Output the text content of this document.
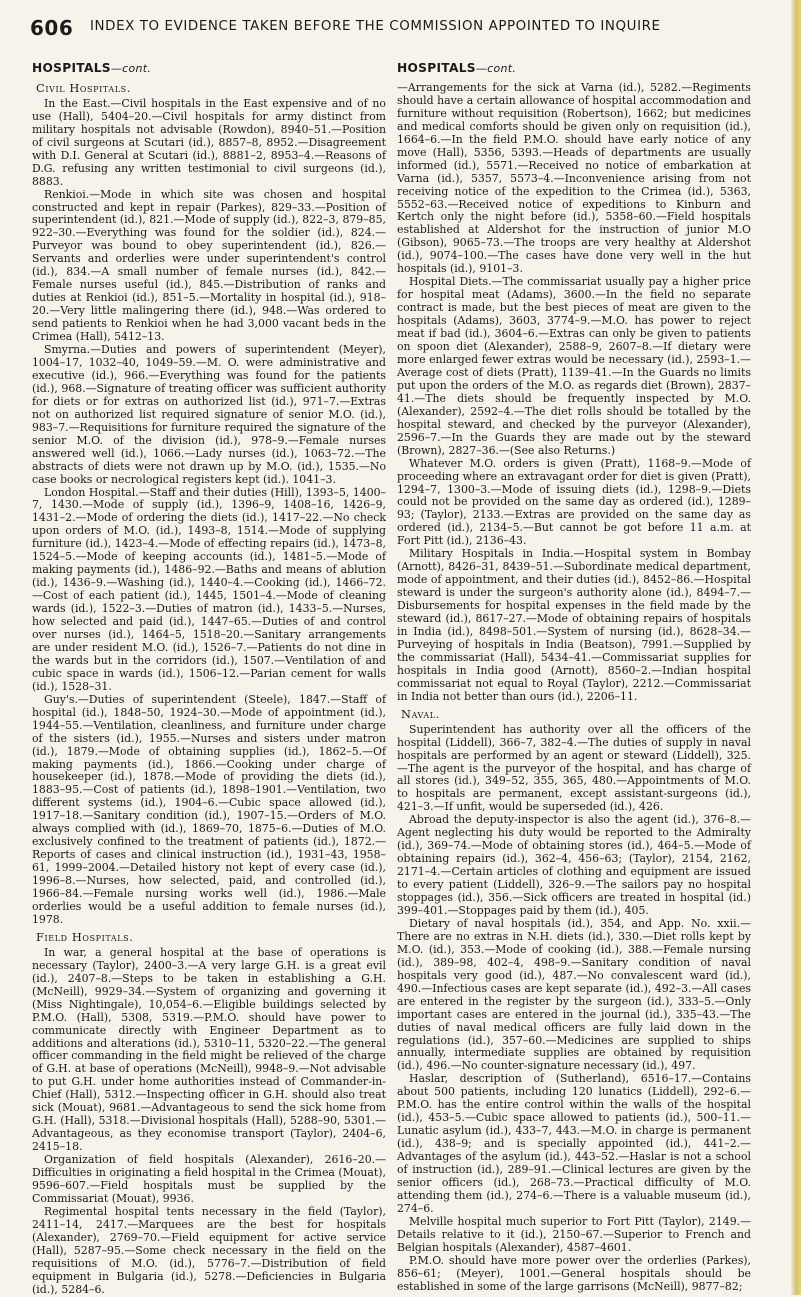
606 INDEX TO EVIDENCE TAKEN BEFORE THE COMMISSION APPOINTED TO INQUIRE
HOSPITALS—cont.
Civil Hospitals.

In the East.—Civil hospitals in the East expensive and of no use (Hall), 5404–20.—Civil hospitals for army distinct from military hospitals not advisable (Rowdon), 8940–51.—Position of civil surgeons at Scutari (id.), 8857–8, 8952.—Disagreement with D.I. General at Scutari (id.), 8881–2, 8953–4.—Reasons of D.G. refusing any written testimonial to civil surgeons (id.), 8883.

Renkioi.—Mode in which site was chosen and hospital constructed and kept in repair (Parkes), 829–33.—Position of superintendent (id.), 821.—Mode of supply (id.), 822–3, 879–85, 922–30.—Everything was found for the soldier (id.), 824.—Purveyor was bound to obey superintendent (id.), 826.—Servants and orderlies were under superintendent's control (id.), 834.—A small number of female nurses (id.), 842.—Female nurses useful (id.), 845.—Distribution of ranks and duties at Renkioi (id.), 851–5.—Mortality in hospital (id.), 918–20.—Very little malingering there (id.), 948.—Was ordered to send patients to Renkioi when he had 3,000 vacant beds in the Crimea (Hall), 5412–13.

Smyrna.—Duties and powers of superintendent (Meyer), 1004–17, 1032–40, 1049–59.—M. O. were administrative and executive (id.), 966.—Everything was found for the patients (id.), 968.—Signature of treating officer was sufficient authority for diets or for extras on authorized list (id.), 971–7.—Extras not on authorized list required signature of senior M.O. (id.), 983–7.—Requisitions for furniture required the signature of the senior M.O. of the division (id.), 978–9.—Female nurses answered well (id.), 1066.—Lady nurses (id.), 1063–72.—The abstracts of diets were not drawn up by M.O. (id.), 1535.—No case books or necrological registers kept (id.). 1041–3.

London Hospital.—Staff and their duties (Hill), 1393–5, 1400–7, 1430.—Mode of supply (id.), 1396–9, 1408–16, 1426–9, 1431–2.—Mode of ordering the diets (id.), 1417–22.—No check upon orders of M.O. (id.), 1493–8, 1514.—Mode of supplying furniture (id.), 1423–4.—Mode of effecting repairs (id.), 1473–8, 1524–5.—Mode of keeping accounts (id.), 1481–5.—Mode of making payments (id.), 1486–92.—Baths and means of ablution (id.), 1436–9.—Washing (id.), 1440–4.—Cooking (id.), 1466–72.—Cost of each patient (id.), 1445, 1501–4.—Mode of cleaning wards (id.), 1522–3.—Duties of matron (id.), 1433–5.—Nurses, how selected and paid (id.), 1447–65.—Duties of and control over nurses (id.), 1464–5, 1518–20.—Sanitary arrangements are under resident M.O. (id.), 1526–7.—Patients do not dine in the wards but in the corridors (id.), 1507.—Ventilation of and cubic space in wards (id.), 1506–12.—Parian cement for walls (id.), 1528–31.

Guy's.—Duties of superintendent (Steele), 1847.—Staff of hospital (id.), 1848–50, 1924–30.—Mode of appointment (id.), 1944–55.—Ventilation, cleanliness, and furniture under charge of the sisters (id.), 1955.—Nurses and sisters under matron (id.), 1879.—Mode of obtaining supplies (id.), 1862–5.—Of making payments (id.), 1866.—Cooking under charge of housekeeper (id.), 1878.—Mode of providing the diets (id.), 1883–95.—Cost of patients (id.), 1898–1901.—Ventilation, two different systems (id.), 1904–6.—Cubic space allowed (id.), 1917–18.—Sanitary condition (id.), 1907–15.—Orders of M.O. always complied with (id.), 1869–70, 1875–6.—Duties of M.O. exclusively confined to the treatment of patients (id.), 1872.—Reports of cases and clinical instruction (id.), 1931–43, 1958–61, 1999–2004.—Detailed history not kept of every case (id.), 1996–8.—Nurses, how selected, paid, and controlled (id.), 1966–84.—Female nursing works well (id.), 1986.—Male orderlies would be a useful addition to female nurses (id.), 1978.

Field Hospitals.

In war, a general hospital at the base of operations is necessary (Taylor), 2400–3.—A very large G.H. is a great evil (id.), 2407–8.—Steps to be taken in establishing a G.H. (McNeill), 9929–34.—System of organizing and governing it (Miss Nightingale), 10,054–6.—Eligible buildings selected by P.M.O. (Hall), 5308, 5319.—P.M.O. should have power to communicate directly with Engineer Department as to additions and alterations (id.), 5310–11, 5320–22.—The general officer commanding in the field might be relieved of the charge of G.H. at base of operations (McNeill), 9948–9.—Not advisable to put G.H. under home authorities instead of Commander-in-Chief (Hall), 5312.—Inspecting officer in G.H. should also treat sick (Mouat), 9681.—Advantageous to send the sick home from G.H. (Hall), 5318.—Divisional hospitals (Hall), 5288–90, 5301.—Advantageous, as they economise transport (Taylor), 2404–6, 2415–18.

Organization of field hospitals (Alexander), 2616–20.—Difficulties in originating a field hospital in the Crimea (Mouat), 9596–607.—Field hospitals must be supplied by the Commissariat (Mouat), 9936.

Regimental hospital tents necessary in the field (Taylor), 2411–14, 2417.—Marquees are the best for hospitals (Alexander), 2769–70.—Field equipment for active service (Hall), 5287–95.—Some check necessary in the field on the requisitions of M.O. (id.), 5776–7.—Distribution of field equipment in Bulgaria (id.), 5278.—Deficiencies in Bulgaria (id.), 5284–6.

HOSPITALS—cont.

—Arrangements for the sick at Varna (id.), 5282.—Regiments should have a certain allowance of hospital accommodation and furniture without requisition (Robertson), 1662; but medicines and medical comforts should be given only on requisition (id.), 1664–6.—In the field P.M.O. should have early notice of any move (Hall), 5356, 5393.—Heads of departments are usually informed (id.), 5571.—Received no notice of embarkation at Varna (id.), 5357, 5573–4.—Inconvenience arising from not receiving notice of the expedition to the Crimea (id.), 5363, 5552–63.—Received notice of expeditions to Kinburn and Kertch only the night before (id.), 5358–60.—Field hospitals established at Aldershot for the instruction of junior M.O (Gibson), 9065–73.—The troops are very healthy at Aldershot (id.), 9074–100.—The cases have done very well in the hut hospitals (id.), 9101–3.

Hospital Diets.—The commissariat usually pay a higher price for hospital meat (Adams), 3600.—In the field no separate contract is made, but the best pieces of meat are given to the hospitals (Adams), 3603, 3774–9.—M.O. has power to reject meat if bad (id.), 3604–6.—Extras can only be given to patients on spoon diet (Alexander), 2588–9, 2607–8.—If dietary were more enlarged fewer extras would be necessary (id.), 2593–1.—Average cost of diets (Pratt), 1139–41.—In the Guards no limits put upon the orders of the M.O. as regards diet (Brown), 2837–41.—The diets should be frequently inspected by M.O. (Alexander), 2592–4.—The diet rolls should be totalled by the hospital steward, and checked by the purveyor (Alexander), 2596–7.—In the Guards they are made out by the steward (Brown), 2827–36.—(See also Returns.)

Whatever M.O. orders is given (Pratt), 1168–9.—Mode of proceeding where an extravagant order for diet is given (Pratt), 1294–7, 1300–3.—Mode of issuing diets (id.), 1298–9.—Diets could not be provided on the same day as ordered (id.), 1289–93; (Taylor), 2133.—Extras are provided on the same day as ordered (id.), 2134–5.—But cannot be got before 11 a.m. at Fort Pitt (id.), 2136–43.

Military Hospitals in India.—Hospital system in Bombay (Arnott), 8426–31, 8439–51.—Subordinate medical department, mode of appointment, and their duties (id.), 8452–86.—Hospital steward is under the surgeon's authority alone (id.), 8494–7.—Disbursements for hospital expenses in the field made by the steward (id.), 8617–27.—Mode of obtaining repairs of hospitals in India (id.), 8498–501.—System of nursing (id.), 8628–34.—Purveying of hospitals in India (Beatson), 7991.—Supplied by the commissariat (Hall), 5434–41.—Commissariat supplies for hospitals in India good (Arnott), 8560–2.—Indian hospital commissariat not equal to Royal (Taylor), 2212.—Commissariat in India not better than ours (id.), 2206–11.

Naval.

Superintendent has authority over all the officers of the hospital (Liddell), 366–7, 382–4.—The duties of supply in naval hospitals are performed by an agent or steward (Liddell), 325.—The agent is the purveyor of the hospital, and has charge of all stores (id.), 349–52, 355, 365, 480.—Appointments of M.O. to hospitals are permanent, except assistant-surgeons (id.), 421–3.—If unfit, would be superseded (id.), 426.

Abroad the deputy-inspector is also the agent (id.), 376–8.—Agent neglecting his duty would be reported to the Admiralty (id.), 369–74.—Mode of obtaining stores (id.), 464–5.—Mode of obtaining repairs (id.), 362–4, 456–63; (Taylor), 2154, 2162, 2171–4.—Certain articles of clothing and equipment are issued to every patient (Liddell), 326–9.—The sailors pay no hospital stoppages (id.), 356.—Sick officers are treated in hospital (id.) 399–401.—Stoppages paid by them (id.), 405.

Dietary of naval hospitals (id.), 354, and App. No. xxii.—There are no extras in N.H. diets (id.), 330.—Diet rolls kept by M.O. (id.), 353.—Mode of cooking (id.), 388.—Female nursing (id.), 389–98, 402–4, 498–9.—Sanitary condition of naval hospitals very good (id.), 487.—No convalescent ward (id.), 490.—Infectious cases are kept separate (id.), 492–3.—All cases are entered in the register by the surgeon (id.), 333–5.—Only important cases are entered in the journal (id.), 335–43.—The duties of naval medical officers are fully laid down in the regulations (id.), 357–60.—Medicines are supplied to ships annually, intermediate supplies are obtained by requisition (id.), 496.—No counter-signature necessary (id.), 497.

Haslar, description of (Sutherland), 6516–17.—Contains about 500 patients, including 120 lunatics (Liddell), 292–6.—P.M.O. has the entire control within the walls of the hospital (id.), 453–5.—Cubic space allowed to patients (id.), 500–11.—Lunatic asylum (id.), 433–7, 443.—M.O. in charge is permanent (id.), 438–9; and is specially appointed (id.), 441–2.—Advantages of the asylum (id.), 443–52.—Haslar is not a school of instruction (id.), 289–91.—Clinical lectures are given by the senior officers (id.), 268–73.—Practical difficulty of M.O. attending them (id.), 274–6.—There is a valuable museum (id.), 274–6.

Melville hospital much superior to Fort Pitt (Taylor), 2149.—Details relative to it (id.), 2150–67.—Superior to French and Belgian hospitals (Alexander), 4587–4601.

P.M.O. should have more power over the orderlies (Parkes), 856–61; (Meyer), 1001.—General hospitals should be established in some of the large garrisons (McNeill), 9877–82;
